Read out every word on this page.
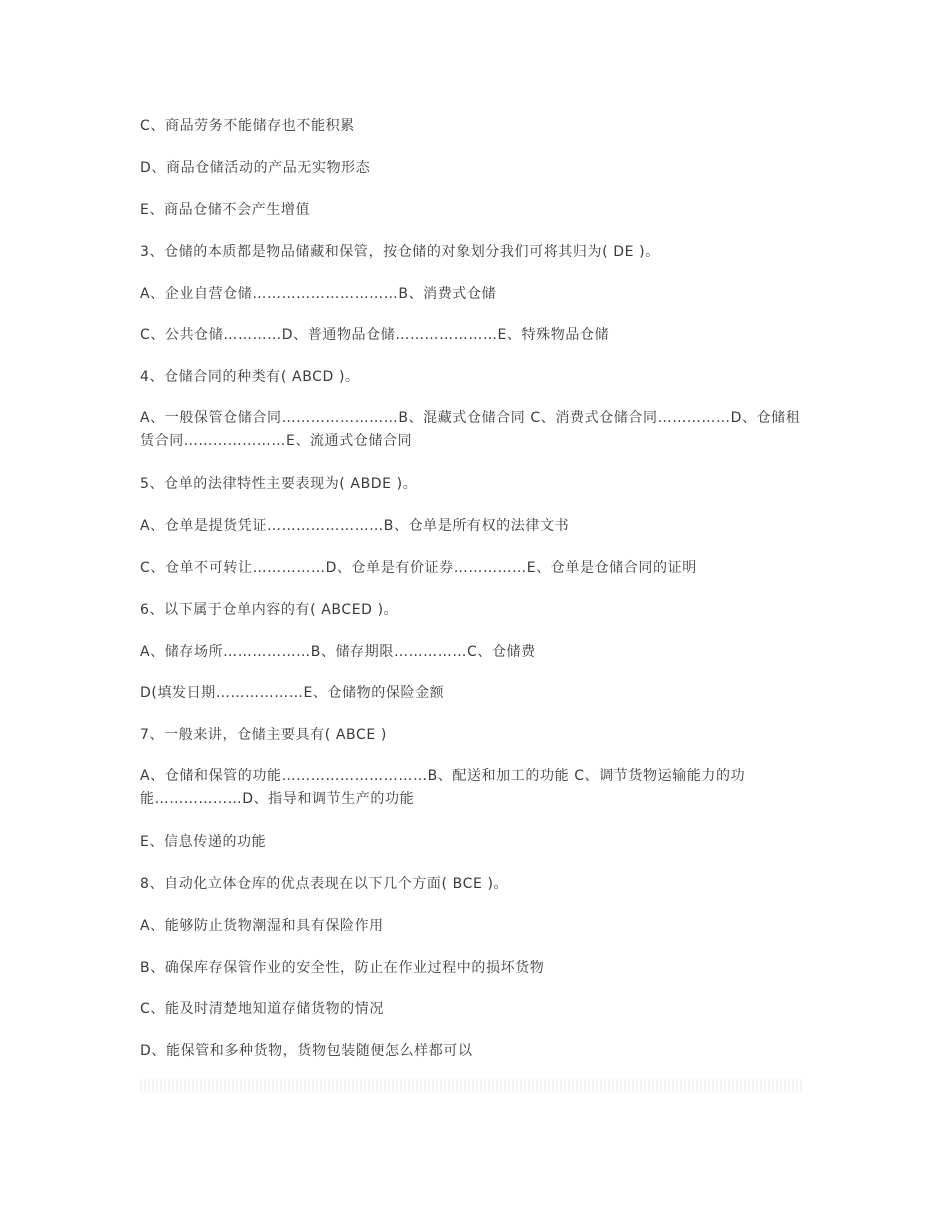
C、商品劳务不能储存也不能积累
D、商品仓储活动的产品无实物形态
E、商品仓储不会产生增值
3、仓储的本质都是物品储藏和保管，按仓储的对象划分我们可将其归为( DE )。
A、企业自营仓储…………………………B、消费式仓储
C、公共仓储…………D、普通物品仓储…………………E、特殊物品仓储
4、仓储合同的种类有( ABCD )。
A、一般保管仓储合同……………………B、混藏式仓储合同 C、消费式仓储合同……………D、仓储租赁合同…………………E、流通式仓储合同
5、仓单的法律特性主要表现为( ABDE )。
A、仓单是提货凭证……………………B、仓单是所有权的法律文书
C、仓单不可转让……………D、仓单是有价证券……………E、仓单是仓储合同的证明
6、以下属于仓单内容的有( ABCED )。
A、储存场所………………B、储存期限……………C、仓储费
D(填发日期………………E、仓储物的保险金额
7、一般来讲，仓储主要具有( ABCE )
A、仓储和保管的功能…………………………B、配送和加工的功能 C、调节货物运输能力的功能………………D、指导和调节生产的功能
E、信息传递的功能
8、自动化立体仓库的优点表现在以下几个方面( BCE )。
A、能够防止货物潮湿和具有保险作用
B、确保库存保管作业的安全性，防止在作业过程中的损坏货物
C、能及时清楚地知道存储货物的情况
D、能保管和多种货物，货物包装随便怎么样都可以
